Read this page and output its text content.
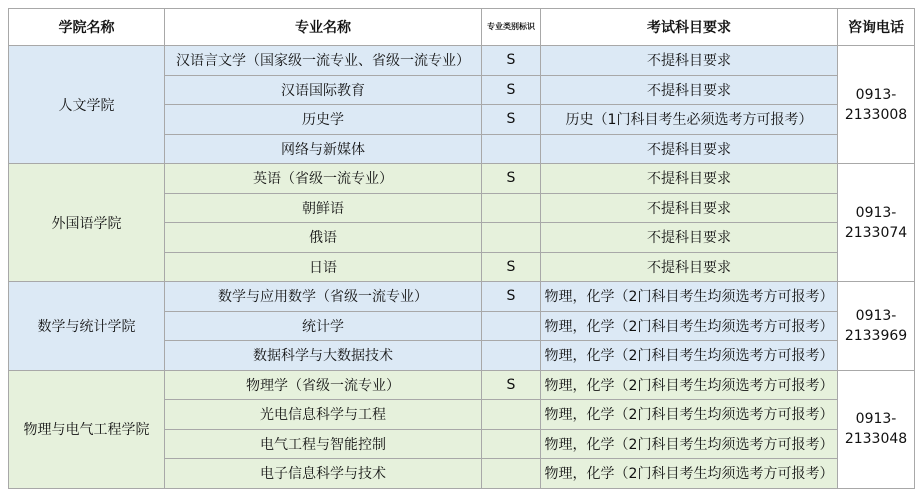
学院名称	专业名称	专业类别标识	考试科目要求	咨询电话
人文学院	汉语言文学（国家级一流专业、省级一流专业）	S	不提科目要求	0913-2133008
	汉语国际教育	S	不提科目要求	
	历史学	S	历史（1门科目考生必须选考方可报考）	
	网络与新媒体		不提科目要求	
外国语学院	英语（省级一流专业）	S	不提科目要求	0913-2133074
	朝鲜语		不提科目要求	
	俄语		不提科目要求	
	日语	S	不提科目要求	
数学与统计学院	数学与应用数学（省级一流专业）	S	物理，化学（2门科目考生均须选考方可报考）	0913-2133969
	统计学		物理，化学（2门科目考生均须选考方可报考）	
	数据科学与大数据技术		物理，化学（2门科目考生均须选考方可报考）	
物理与电气工程学院	物理学（省级一流专业）	S	物理，化学（2门科目考生均须选考方可报考）	0913-2133048
	光电信息科学与工程		物理，化学（2门科目考生均须选考方可报考）	
	电气工程与智能控制		物理，化学（2门科目考生均须选考方可报考）	
	电子信息科学与技术		物理，化学（2门科目考生均须选考方可报考）	
